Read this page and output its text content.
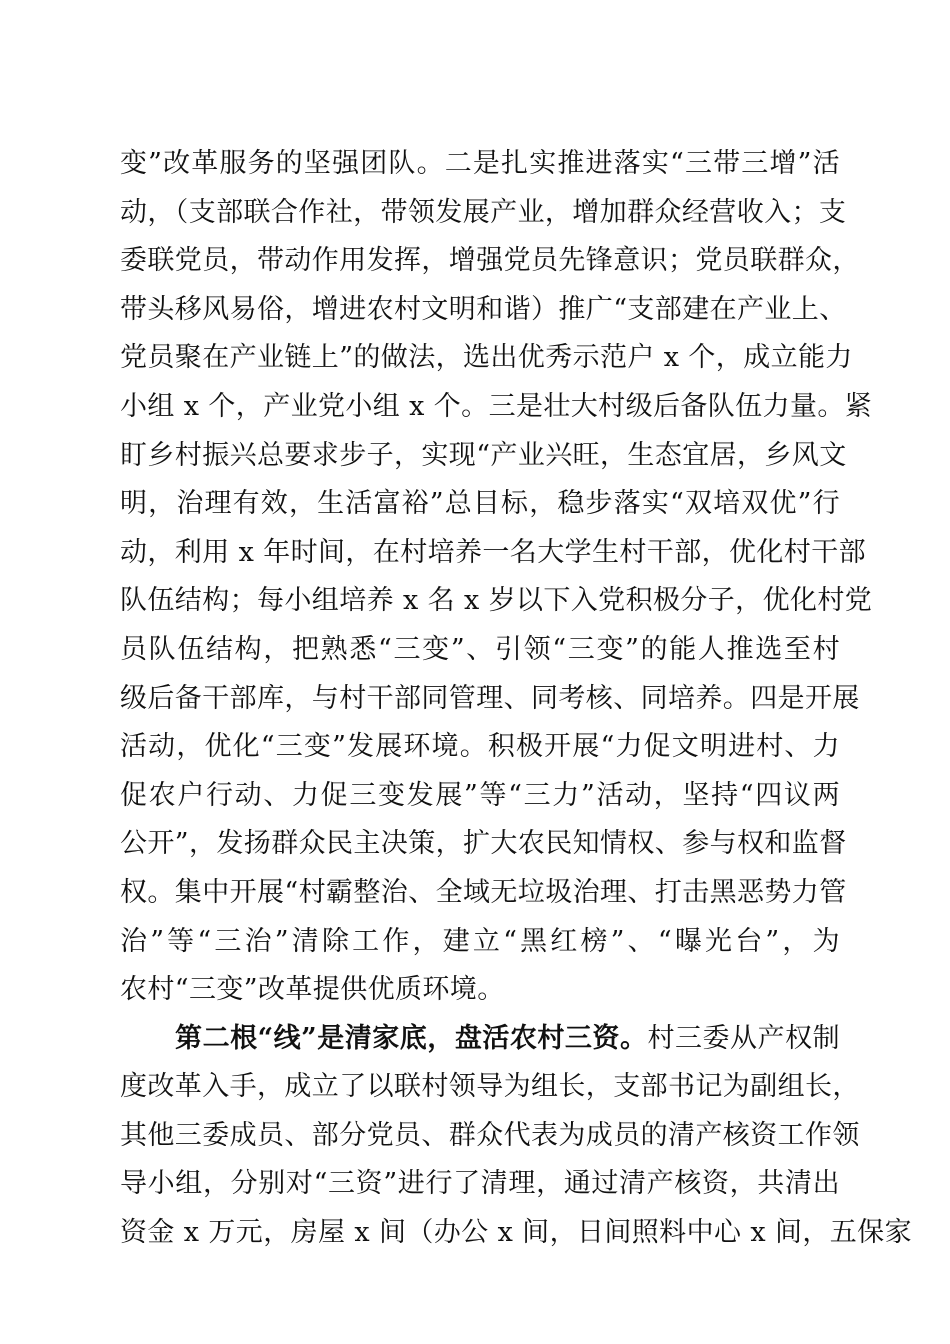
变”改革服务的坚强团队。二是扎实推进落实“三带三增”活
动，（支部联合作社，带领发展产业，增加群众经营收入；支
委联党员，带动作用发挥，增强党员先锋意识；党员联群众，
带头移风易俗，增进农村文明和谐）推广“支部建在产业上、
党员聚在产业链上”的做法，选出优秀示范户 x 个，成立能力
小组 x 个，产业党小组 x 个。三是壮大村级后备队伍力量。紧
盯乡村振兴总要求步子，实现“产业兴旺，生态宜居，乡风文
明，治理有效，生活富裕”总目标，稳步落实“双培双优”行
动，利用 x 年时间，在村培养一名大学生村干部，优化村干部
队伍结构；每小组培养 x 名 x 岁以下入党积极分子，优化村党
员队伍结构，把熟悉“三变”、引领“三变”的能人推选至村
级后备干部库，与村干部同管理、同考核、同培养。四是开展
活动，优化“三变”发展环境。积极开展“力促文明进村、力
促农户行动、力促三变发展”等“三力”活动，坚持“四议两
公开”，发扬群众民主决策，扩大农民知情权、参与权和监督
权。集中开展“村霸整治、全域无垃圾治理、打击黑恶势力管
治”等“三治”清除工作，建立“黑红榜”、“曝光台”，为
农村“三变”改革提供优质环境。
　　第二根“线”是清家底，盘活农村三资。村三委从产权制
度改革入手，成立了以联村领导为组长，支部书记为副组长，
其他三委成员、部分党员、群众代表为成员的清产核资工作领
导小组，分别对“三资”进行了清理，通过清产核资，共清出
资金 x 万元，房屋 x 间（办公 x 间，日间照料中心 x 间，五保家
